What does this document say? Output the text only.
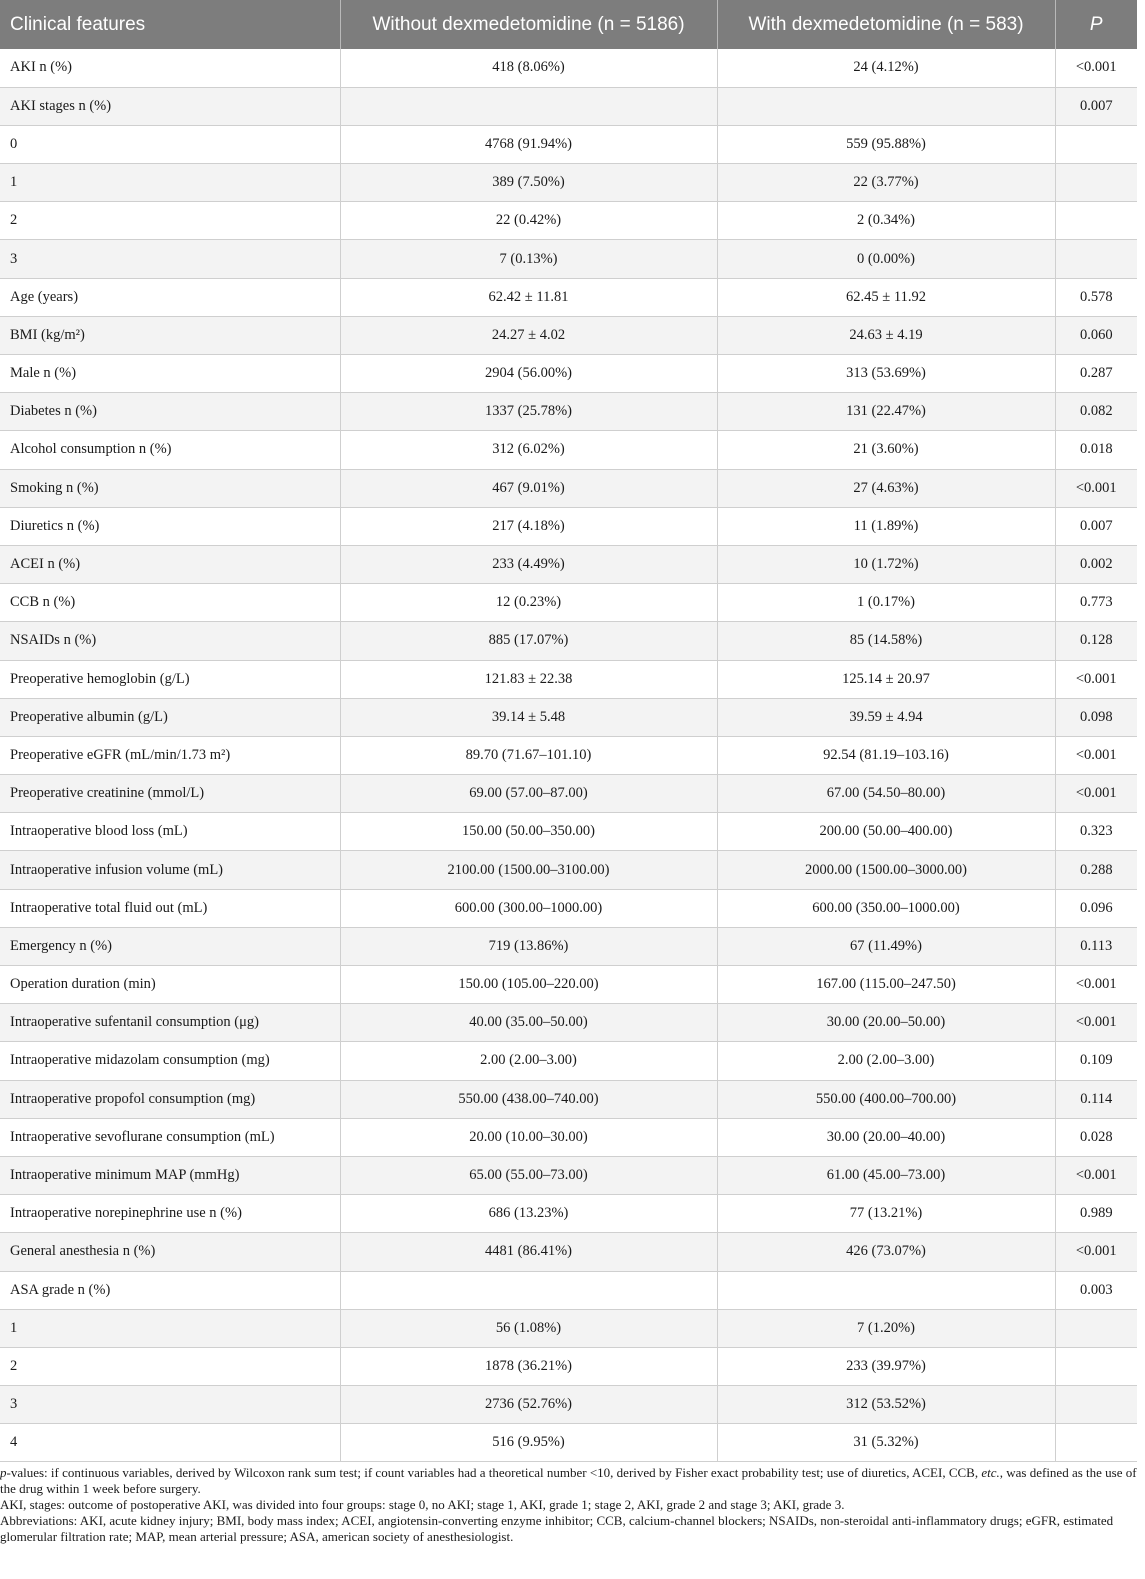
Clinical features	Without dexmedetomidine (n = 5186)	With dexmedetomidine (n = 583)	P
AKI n (%)	418 (8.06%)	24 (4.12%)	<0.001
AKI stages n (%)			0.007
0	4768 (91.94%)	559 (95.88%)	
1	389 (7.50%)	22 (3.77%)	
2	22 (0.42%)	2 (0.34%)	
3	7 (0.13%)	0 (0.00%)	
Age (years)	62.42 ± 11.81	62.45 ± 11.92	0.578
BMI (kg/m²)	24.27 ± 4.02	24.63 ± 4.19	0.060
Male n (%)	2904 (56.00%)	313 (53.69%)	0.287
Diabetes n (%)	1337 (25.78%)	131 (22.47%)	0.082
Alcohol consumption n (%)	312 (6.02%)	21 (3.60%)	0.018
Smoking n (%)	467 (9.01%)	27 (4.63%)	<0.001
Diuretics n (%)	217 (4.18%)	11 (1.89%)	0.007
ACEI n (%)	233 (4.49%)	10 (1.72%)	0.002
CCB n (%)	12 (0.23%)	1 (0.17%)	0.773
NSAIDs n (%)	885 (17.07%)	85 (14.58%)	0.128
Preoperative hemoglobin (g/L)	121.83 ± 22.38	125.14 ± 20.97	<0.001
Preoperative albumin (g/L)	39.14 ± 5.48	39.59 ± 4.94	0.098
Preoperative eGFR (mL/min/1.73 m²)	89.70 (71.67–101.10)	92.54 (81.19–103.16)	<0.001
Preoperative creatinine (mmol/L)	69.00 (57.00–87.00)	67.00 (54.50–80.00)	<0.001
Intraoperative blood loss (mL)	150.00 (50.00–350.00)	200.00 (50.00–400.00)	0.323
Intraoperative infusion volume (mL)	2100.00 (1500.00–3100.00)	2000.00 (1500.00–3000.00)	0.288
Intraoperative total fluid out (mL)	600.00 (300.00–1000.00)	600.00 (350.00–1000.00)	0.096
Emergency n (%)	719 (13.86%)	67 (11.49%)	0.113
Operation duration (min)	150.00 (105.00–220.00)	167.00 (115.00–247.50)	<0.001
Intraoperative sufentanil consumption (μg)	40.00 (35.00–50.00)	30.00 (20.00–50.00)	<0.001
Intraoperative midazolam consumption (mg)	2.00 (2.00–3.00)	2.00 (2.00–3.00)	0.109
Intraoperative propofol consumption (mg)	550.00 (438.00–740.00)	550.00 (400.00–700.00)	0.114
Intraoperative sevoflurane consumption (mL)	20.00 (10.00–30.00)	30.00 (20.00–40.00)	0.028
Intraoperative minimum MAP (mmHg)	65.00 (55.00–73.00)	61.00 (45.00–73.00)	<0.001
Intraoperative norepinephrine use n (%)	686 (13.23%)	77 (13.21%)	0.989
General anesthesia n (%)	4481 (86.41%)	426 (73.07%)	<0.001
ASA grade n (%)			0.003
1	56 (1.08%)	7 (1.20%)	
2	1878 (36.21%)	233 (39.97%)	
3	2736 (52.76%)	312 (53.52%)	
4	516 (9.95%)	31 (5.32%)	

p-values: if continuous variables, derived by Wilcoxon rank sum test; if count variables had a theoretical number <10, derived by Fisher exact probability test; use of diuretics, ACEI, CCB, etc., was defined as the use of the drug within 1 week before surgery.

AKI, stages: outcome of postoperative AKI, was divided into four groups: stage 0, no AKI; stage 1, AKI, grade 1; stage 2, AKI, grade 2 and stage 3; AKI, grade 3.

Abbreviations: AKI, acute kidney injury; BMI, body mass index; ACEI, angiotensin-converting enzyme inhibitor; CCB, calcium-channel blockers; NSAIDs, non-steroidal anti-inflammatory drugs; eGFR, estimated glomerular filtration rate; MAP, mean arterial pressure; ASA, american society of anesthesiologist.
